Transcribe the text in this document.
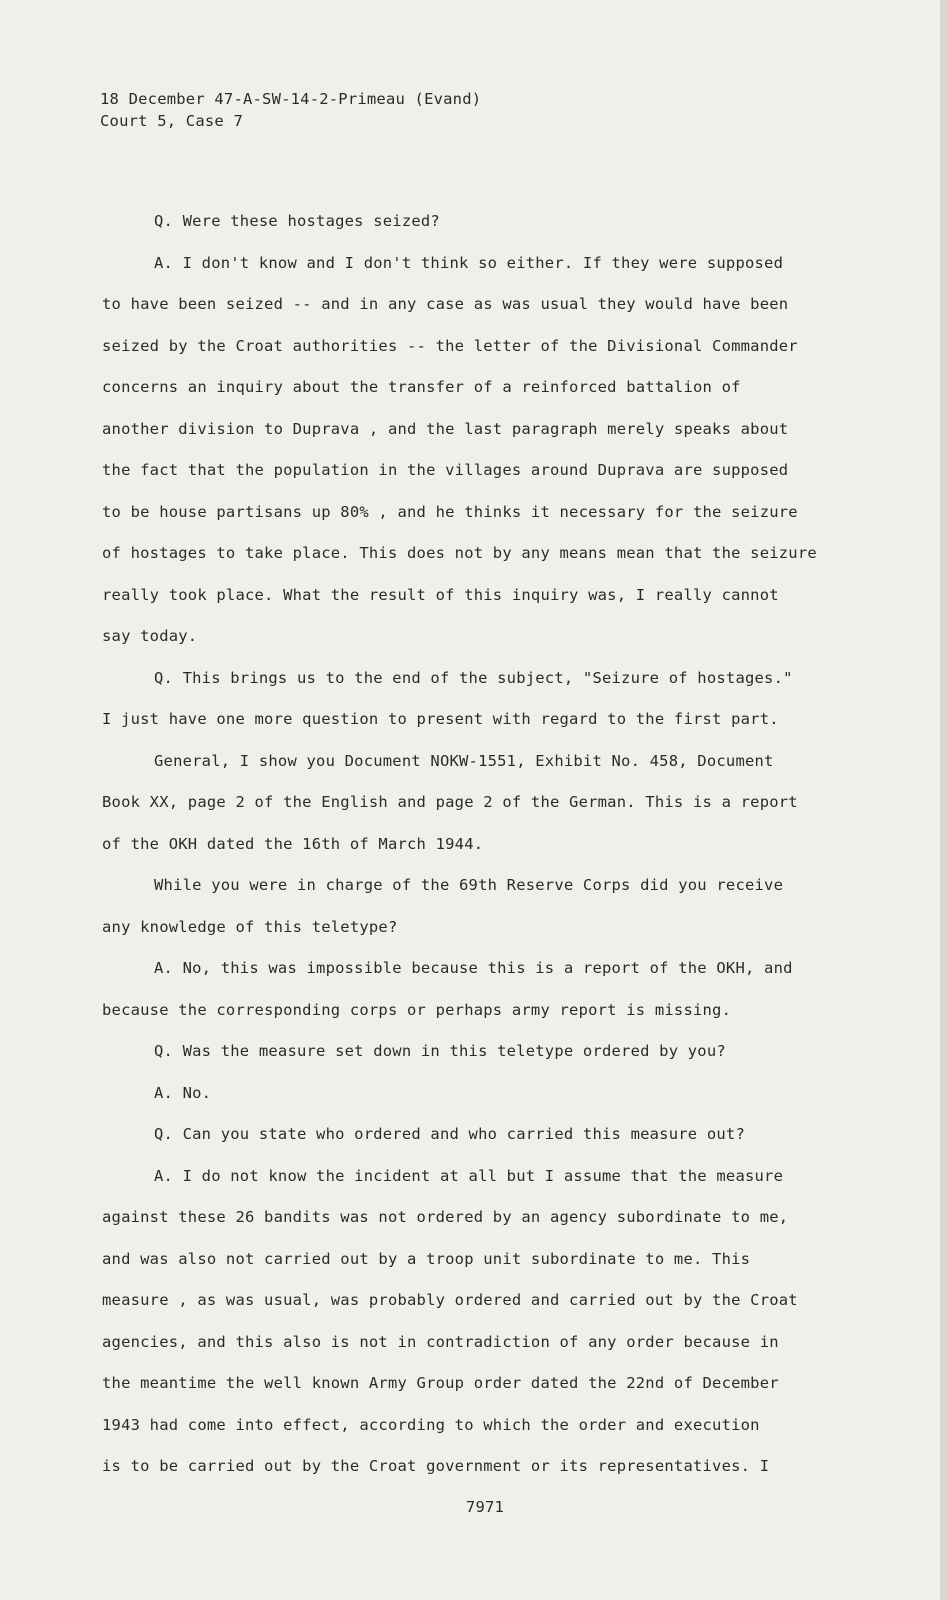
18 December 47-A-SW-14-2-Primeau (Evand)
Court 5, Case 7
Q. Were these hostages seized?
A. I don't know and I don't think so either. If they were supposed
to have been seized -- and in any case as was usual they would have been
seized by the Croat authorities -- the letter of the Divisional Commander
concerns an inquiry about the transfer of a reinforced battalion of
another division to Duprava , and the last paragraph merely speaks about
the fact that the population in the villages around Duprava are supposed
to be house partisans up 80% , and he thinks it necessary for the seizure
of hostages to take place. This does not by any means mean that the seizure
really took place. What the result of this inquiry was, I really cannot
say today.
Q. This brings us to the end of the subject, "Seizure of hostages."
I just have one more question to present with regard to the first part.
General, I show you Document NOKW-1551, Exhibit No. 458, Document
Book XX, page 2 of the English and page 2 of the German. This is a report
of the OKH dated the 16th of March 1944.
While you were in charge of the 69th Reserve Corps did you receive
any knowledge of this teletype?
A. No, this was impossible because this is a report of the OKH, and
because the corresponding corps or perhaps army report is missing.
Q. Was the measure set down in this teletype ordered by you?
A. No.
Q. Can you state who ordered and who carried this measure out?
A. I do not know the incident at all but I assume that the measure
against these 26 bandits was not ordered by an agency subordinate to me,
and was also not carried out by a troop unit subordinate to me. This
measure , as was usual, was probably ordered and carried out by the Croat
agencies, and this also is not in contradiction of any order because in
the meantime the well known Army Group order dated the 22nd of December
1943 had come into effect, according to which the order and execution
is to be carried out by the Croat government or its representatives. I
7971
